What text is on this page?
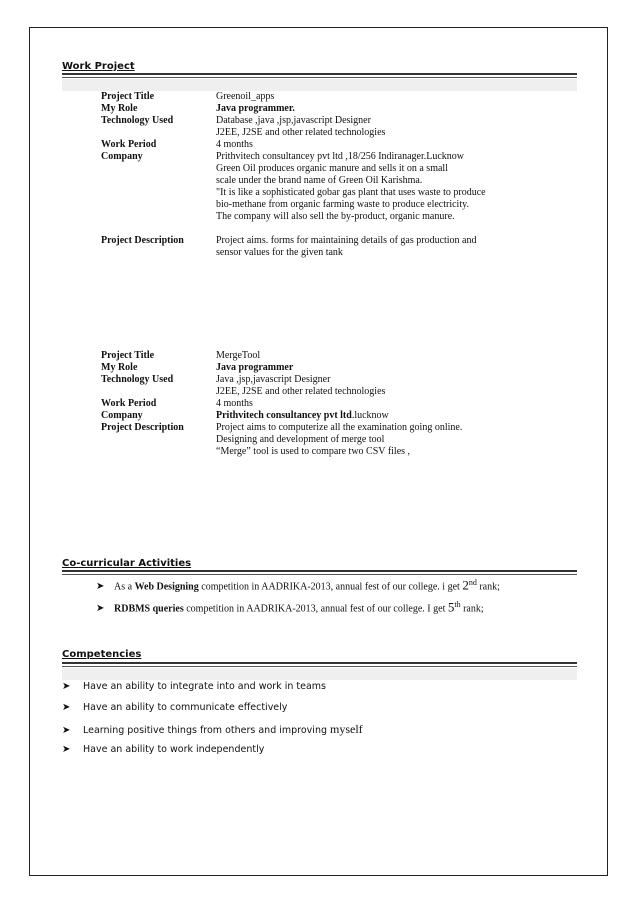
Work Project
Project Title	Greenoil_apps
My Role	Java programmer.
Technology Used	Database ,java ,jsp,javascript Designer
J2EE, J2SE and other related technologies
Work Period	4 months
Company	Prithvitech consultancey pvt ltd ,18/256 Indiranager.Lucknow
Green Oil produces organic manure and sells it on a small
scale under the brand name of Green Oil Karishma.
"It is like a sophisticated gobar gas plant that uses waste to produce
bio-methane from organic farming waste to produce electricity.
The company will also sell the by-product, organic manure.
Project Description	Project aims. forms for maintaining details of gas production and
sensor values for the given tank
Project Title	MergeTool
My Role	Java programmer
Technology Used	Java ,jsp,javascript Designer
J2EE, J2SE and other related technologies
Work Period	4 months
Company	Prithvitech consultancey pvt ltd.lucknow
Project Description	Project aims to computerize all the examination going online.
Designing and development of merge tool
“Merge” tool is used to compare two CSV files ,
Co-curricular Activities
➤ As a Web Designing competition in AADRIKA-2013, annual fest of our college. i get 2nd rank;
➤ RDBMS queries competition in AADRIKA-2013, annual fest of our college. I get 5th rank;
Competencies
➤ Have an ability to integrate into and work in teams
➤ Have an ability to communicate effectively
➤ Learning positive things from others and improving myself
➤ Have an ability to work independently
